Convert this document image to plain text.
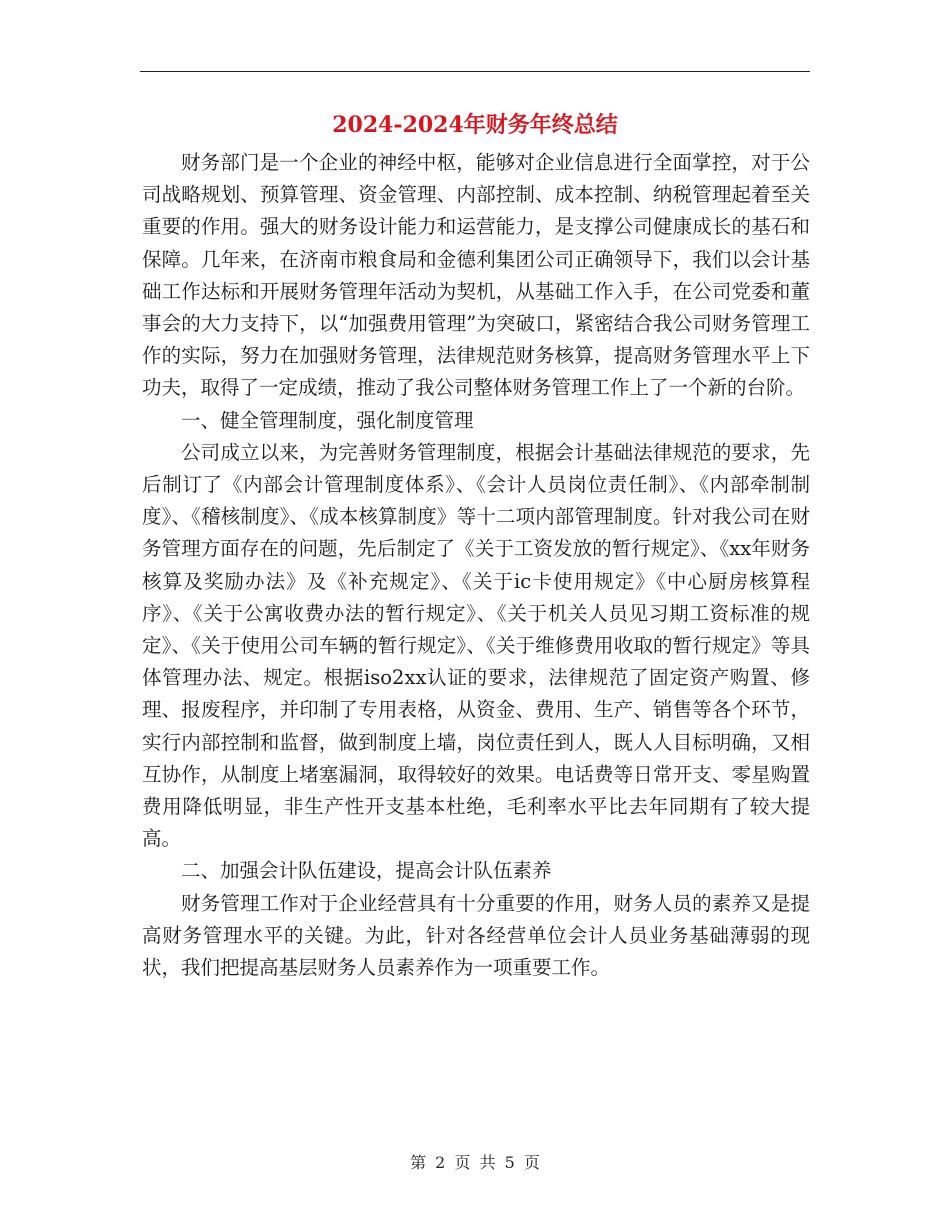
2024-2024年财务年终总结

财务部门是一个企业的神经中枢，能够对企业信息进行全面掌控，对于公司战略规划、预算管理、资金管理、内部控制、成本控制、纳税管理起着至关重要的作用。强大的财务设计能力和运营能力，是支撑公司健康成长的基石和保障。几年来，在济南市粮食局和金德利集团公司正确领导下，我们以会计基础工作达标和开展财务管理年活动为契机，从基础工作入手，在公司党委和董事会的大力支持下，以“加强费用管理”为突破口，紧密结合我公司财务管理工作的实际，努力在加强财务管理，法律规范财务核算，提高财务管理水平上下功夫，取得了一定成绩，推动了我公司整体财务管理工作上了一个新的台阶。

一、健全管理制度，强化制度管理

公司成立以来，为完善财务管理制度，根据会计基础法律规范的要求，先后制订了《内部会计管理制度体系》、《会计人员岗位责任制》、《内部牵制制度》、《稽核制度》、《成本核算制度》等十二项内部管理制度。针对我公司在财务管理方面存在的问题，先后制定了《关于工资发放的暂行规定》、《xx年财务核算及奖励办法》及《补充规定》、《关于ic卡使用规定》《中心厨房核算程序》、《关于公寓收费办法的暂行规定》、《关于机关人员见习期工资标准的规定》、《关于使用公司车辆的暂行规定》、《关于维修费用收取的暂行规定》等具体管理办法、规定。根据iso2xx认证的要求，法律规范了固定资产购置、修理、报废程序，并印制了专用表格，从资金、费用、生产、销售等各个环节，实行内部控制和监督，做到制度上墙，岗位责任到人，既人人目标明确，又相互协作，从制度上堵塞漏洞，取得较好的效果。电话费等日常开支、零星购置费用降低明显，非生产性开支基本杜绝，毛利率水平比去年同期有了较大提高。

二、加强会计队伍建设，提高会计队伍素养

财务管理工作对于企业经营具有十分重要的作用，财务人员的素养又是提高财务管理水平的关键。为此，针对各经营单位会计人员业务基础薄弱的现状，我们把提高基层财务人员素养作为一项重要工作。

第 2 页 共 5 页
